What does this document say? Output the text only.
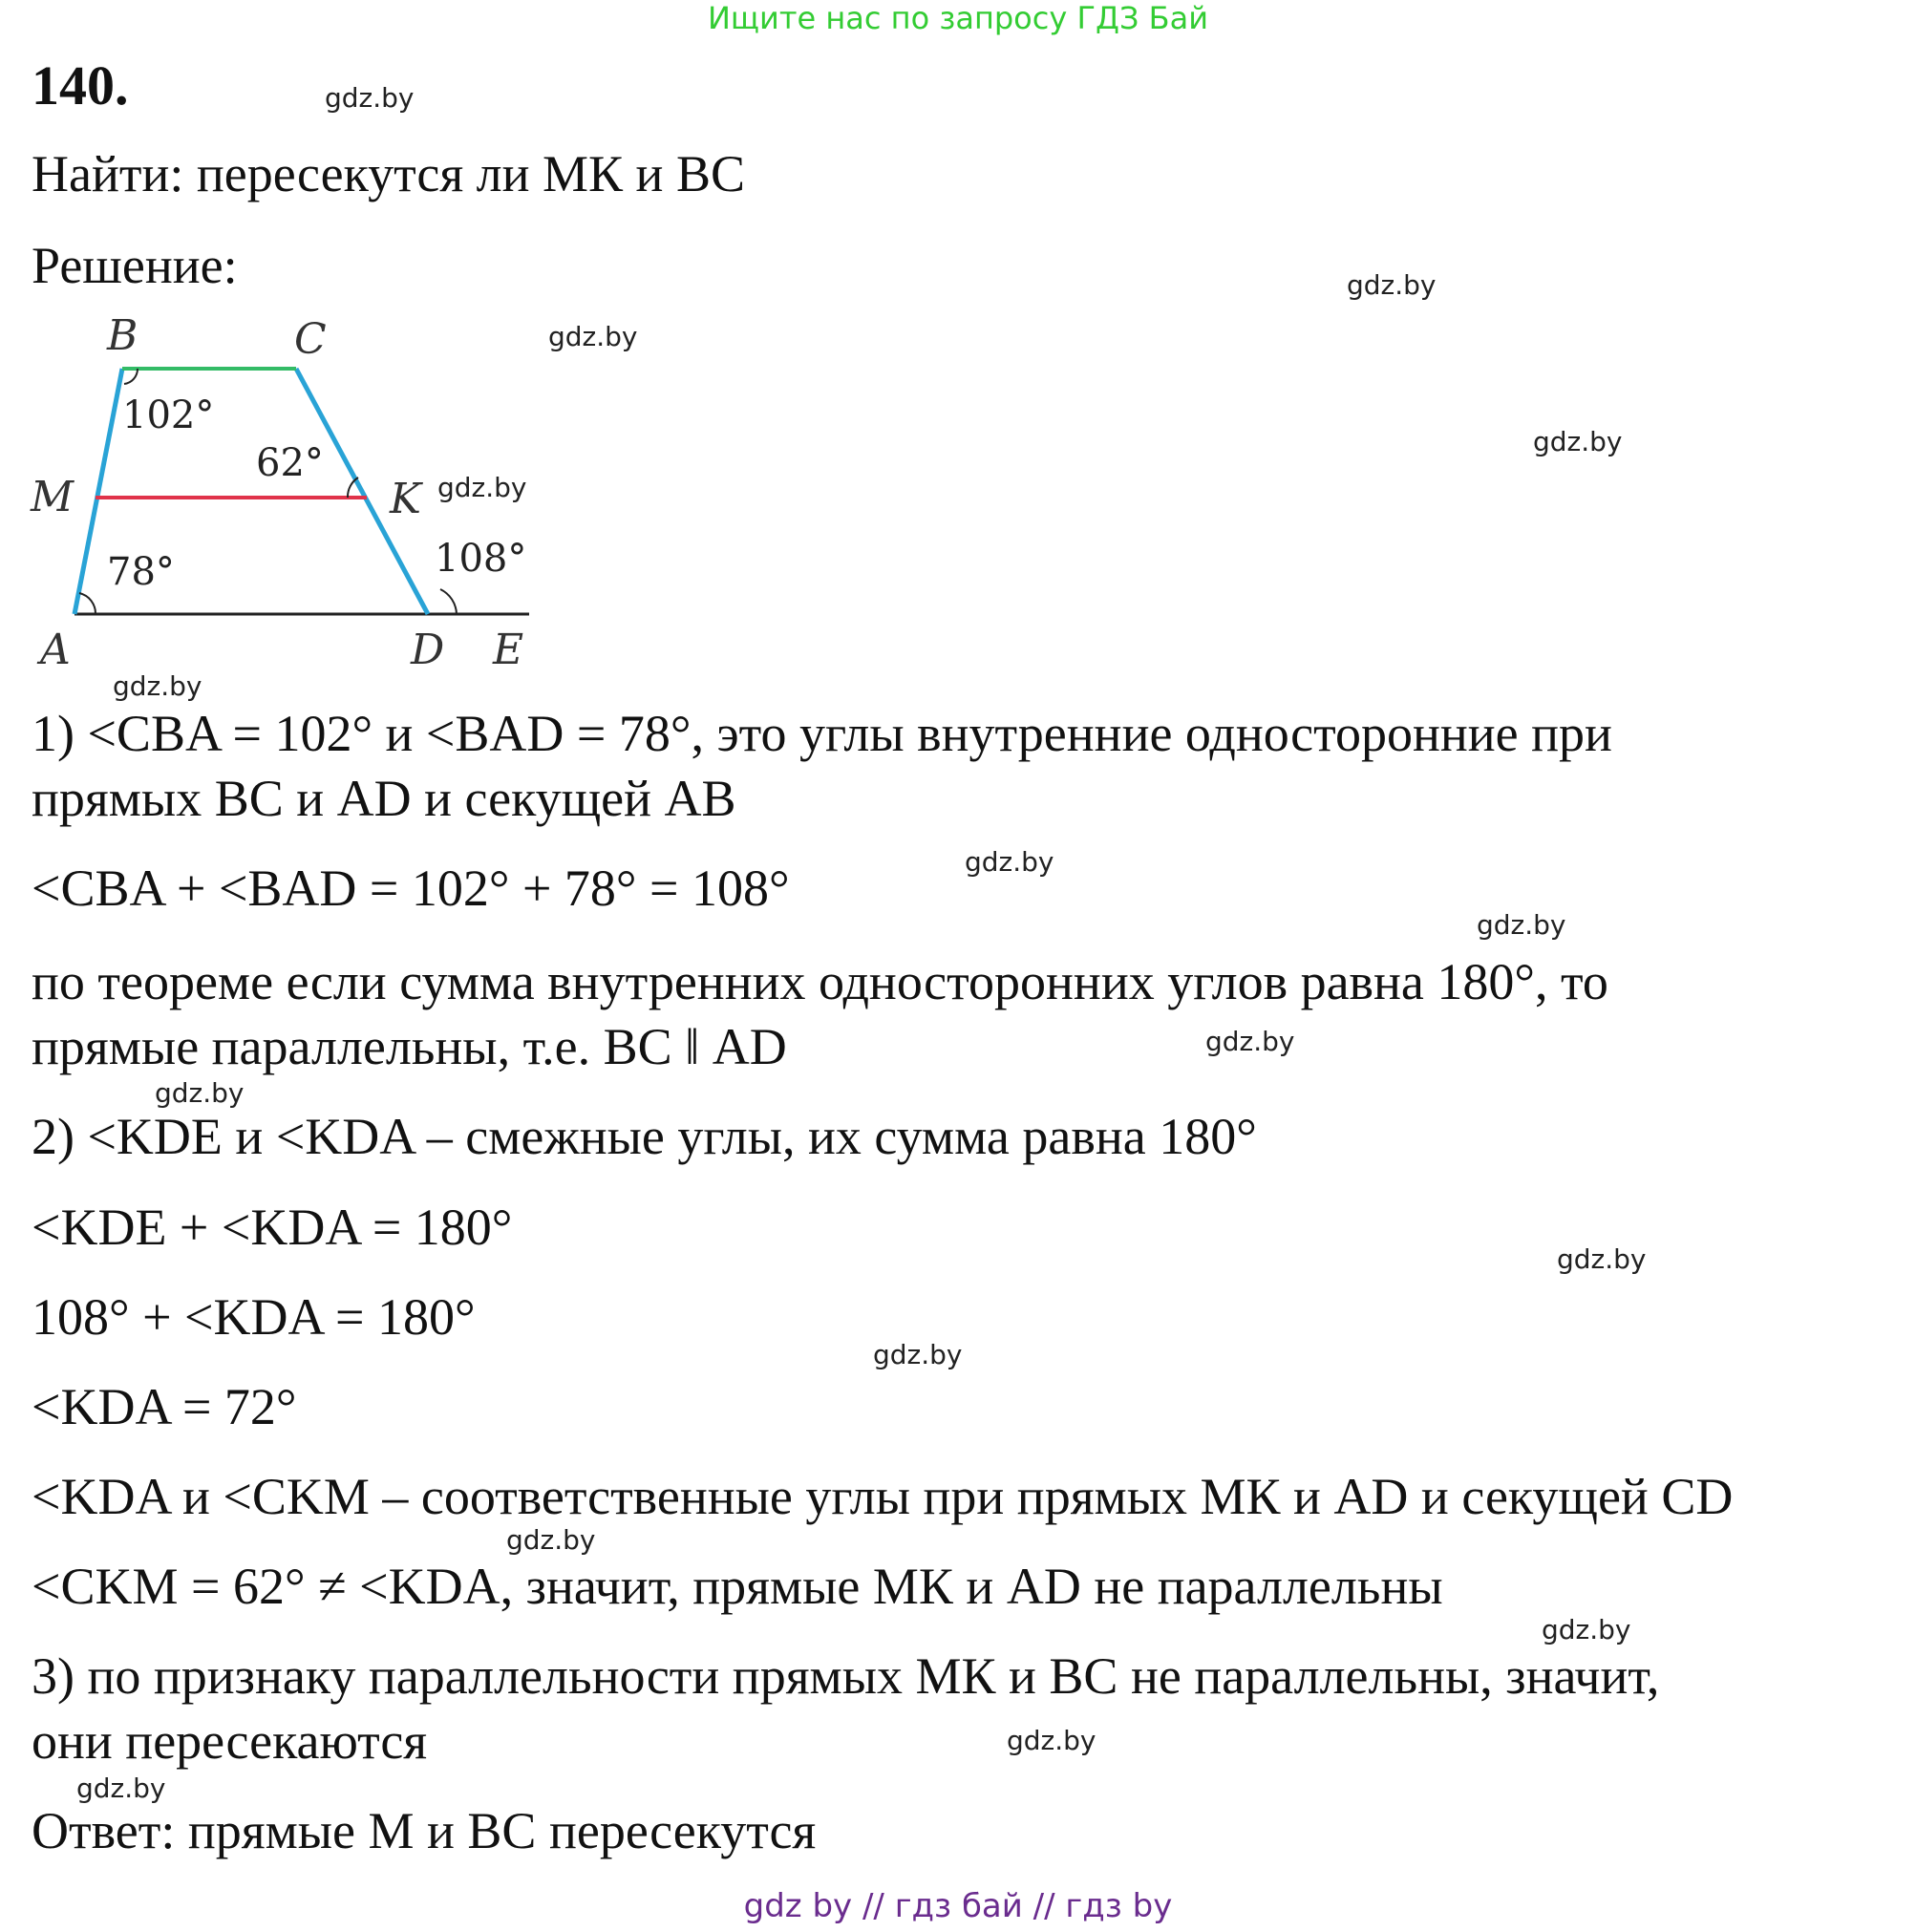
Ищите нас по запросу ГДЗ Бай
140.
Найти: пересекутся ли МК и ВС
Решение:
B	C
M	K
A	D E
102°
62°
78°	108°
1) <CBA = 102° и <BAD = 78°, это углы внутренние односторонние при
прямых ВС и АD и секущей АВ
<CBA + <BAD = 102° + 78° = 108°
по теореме если сумма внутренних односторонних углов равна 180°, то
прямые параллельны, т.е. ВС ‖ АD
2) <KDE и <KDA – смежные углы, их сумма равна 180°
<KDE + <KDA = 180°
108° + <KDA = 180°
<KDA = 72°
<KDA и <CKM – соответственные углы при прямых МК и АD и секущей CD
<CKM = 62° ≠ <KDA, значит, прямые МК и AD не параллельны
3) по признаку параллельности прямых МК и ВС не параллельны, значит,
они пересекаются
Ответ: прямые М и ВС пересекутся
gdz.by
gdz.by
gdz.by
gdz.by
gdz.by
gdz.by
gdz.by
gdz.by
gdz.by
gdz.by
gdz.by
gdz.by
gdz.by
gdz.by
gdz.by
gdz.by
gdz by // гдз бай // гдз by
